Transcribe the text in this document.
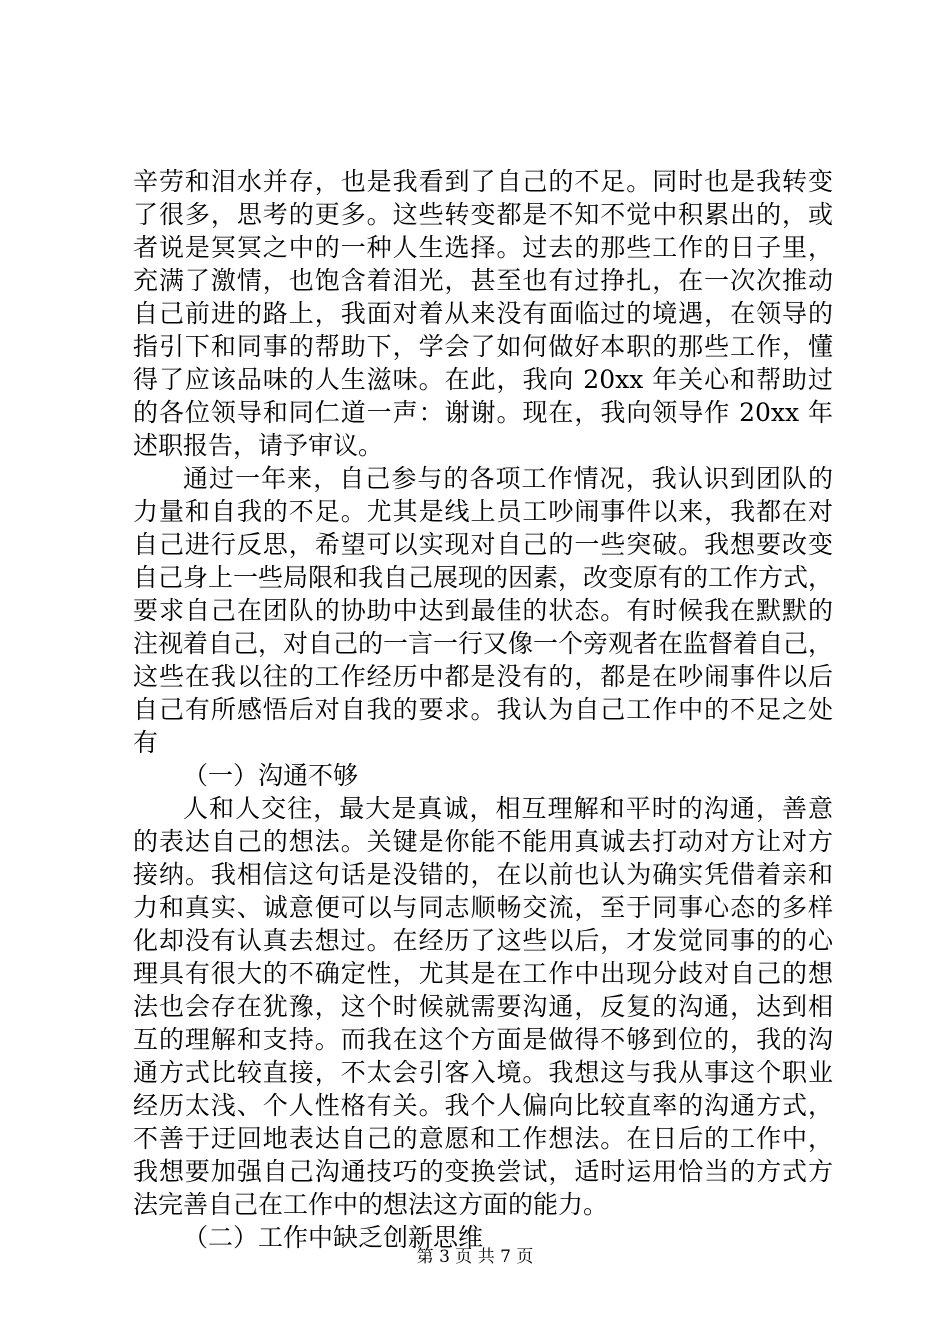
辛劳和泪水并存，也是我看到了自己的不足。同时也是我转变
了很多，思考的更多。这些转变都是不知不觉中积累出的，或
者说是冥冥之中的一种人生选择。过去的那些工作的日子里，
充满了激情，也饱含着泪光，甚至也有过挣扎，在一次次推动
自己前进的路上，我面对着从来没有面临过的境遇，在领导的
指引下和同事的帮助下，学会了如何做好本职的那些工作，懂
得了应该品味的人生滋味。在此，我向 20xx 年关心和帮助过
的各位领导和同仁道一声：谢谢。现在，我向领导作 20xx 年
述职报告，请予审议。
通过一年来，自己参与的各项工作情况，我认识到团队的
力量和自我的不足。尤其是线上员工吵闹事件以来，我都在对
自己进行反思，希望可以实现对自己的一些突破。我想要改变
自己身上一些局限和我自己展现的因素，改变原有的工作方式，
要求自己在团队的协助中达到最佳的状态。有时候我在默默的
注视着自己，对自己的一言一行又像一个旁观者在监督着自己，
这些在我以往的工作经历中都是没有的，都是在吵闹事件以后
自己有所感悟后对自我的要求。我认为自己工作中的不足之处
有
（一）沟通不够
人和人交往，最大是真诚，相互理解和平时的沟通，善意
的表达自己的想法。关键是你能不能用真诚去打动对方让对方
接纳。我相信这句话是没错的，在以前也认为确实凭借着亲和
力和真实、诚意便可以与同志顺畅交流，至于同事心态的多样
化却没有认真去想过。在经历了这些以后，才发觉同事的的心
理具有很大的不确定性，尤其是在工作中出现分歧对自己的想
法也会存在犹豫，这个时候就需要沟通，反复的沟通，达到相
互的理解和支持。而我在这个方面是做得不够到位的，我的沟
通方式比较直接，不太会引客入境。我想这与我从事这个职业
经历太浅、个人性格有关。我个人偏向比较直率的沟通方式，
不善于迂回地表达自己的意愿和工作想法。在日后的工作中，
我想要加强自己沟通技巧的变换尝试，适时运用恰当的方式方
法完善自己在工作中的想法这方面的能力。
（二）工作中缺乏创新思维
第 3 页 共 7 页
